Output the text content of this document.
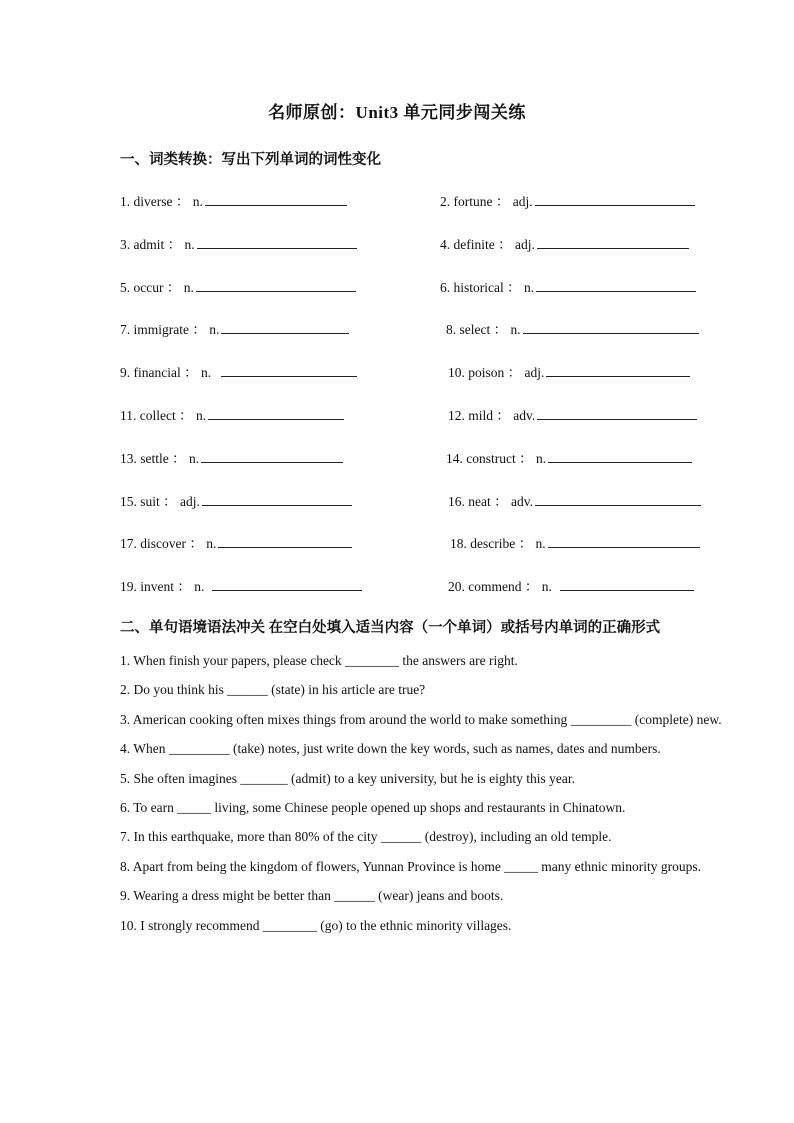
名师原创：Unit3 单元同步闯关练
一、词类转换：写出下列单词的词性变化
1. diverse ： n.	2. fortune ： adj.
3. admit ： n.	4. definite ： adj.
5. occur ： n.	6. historical ： n.
7. immigrate ： n.	8. select ： n.
9. financial ： n.	10. poison ： adj.
11. collect ： n.	12. mild ： adv.
13. settle ： n.	14. construct ： n.
15. suit ： adj.	16. neat ： adv.
17. discover ： n.	18. describe ： n.
19. invent ： n.	20. commend ： n.
二、单句语境语法冲关 在空白处填入适当内容（一个单词）或括号内单词的正确形式
1. When finish your papers, please check ________ the answers are right.
2. Do you think his ______ (state) in his article are true?
3. American cooking often mixes things from around the world to make something _________ (complete) new.
4. When _________ (take) notes, just write down the key words, such as names, dates and numbers.
5. She often imagines _______ (admit) to a key university, but he is eighty this year.
6. To earn _____ living, some Chinese people opened up shops and restaurants in Chinatown.
7. In this earthquake, more than 80% of the city ______ (destroy), including an old temple.
8. Apart from being the kingdom of flowers, Yunnan Province is home _____ many ethnic minority groups.
9. Wearing a dress might be better than ______ (wear) jeans and boots.
10. I strongly recommend ________ (go) to the ethnic minority villages.
